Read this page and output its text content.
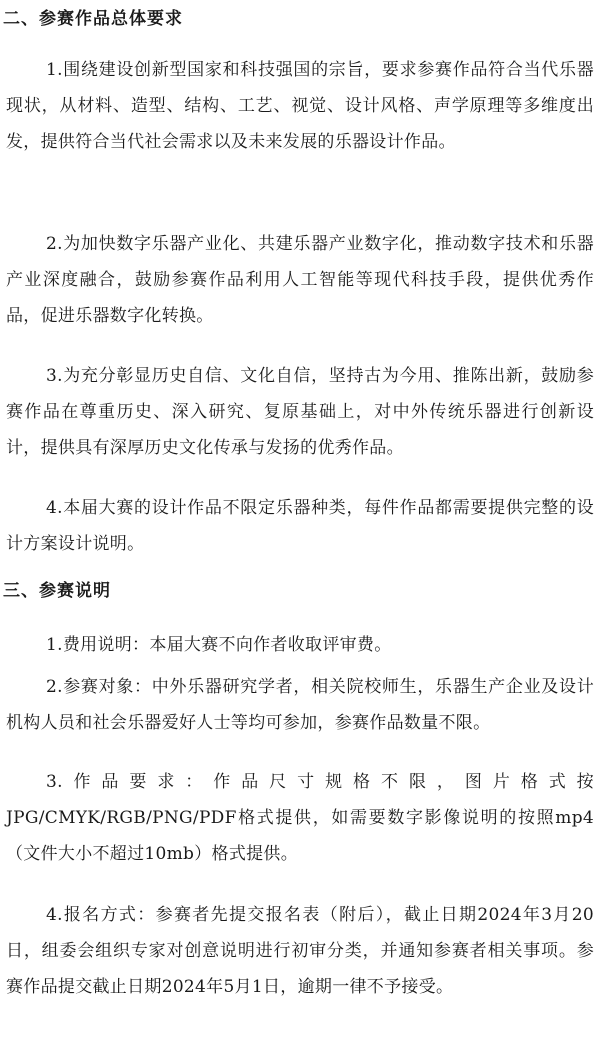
二、参赛作品总体要求

1.围绕建设创新型国家和科技强国的宗旨，要求参赛作品符合当代乐器现状，从材料、造型、结构、工艺、视觉、设计风格、声学原理等多维度出发，提供符合当代社会需求以及未来发展的乐器设计作品。

2.为加快数字乐器产业化、共建乐器产业数字化，推动数字技术和乐器产业深度融合，鼓励参赛作品利用人工智能等现代科技手段，提供优秀作品，促进乐器数字化转换。

3.为充分彰显历史自信、文化自信，坚持古为今用、推陈出新，鼓励参赛作品在尊重历史、深入研究、复原基础上，对中外传统乐器进行创新设计，提供具有深厚历史文化传承与发扬的优秀作品。

4.本届大赛的设计作品不限定乐器种类，每件作品都需要提供完整的设计方案设计说明。

三、参赛说明

1.费用说明：本届大赛不向作者收取评审费。

2.参赛对象：中外乐器研究学者，相关院校师生，乐器生产企业及设计机构人员和社会乐器爱好人士等均可参加，参赛作品数量不限。

3.作品要求：作品尺寸规格不限，图片格式按JPG/CMYK/RGB/PNG/PDF格式提供，如需要数字影像说明的按照mp4（文件大小不超过10mb）格式提供。

4.报名方式：参赛者先提交报名表（附后），截止日期2024年3月20日，组委会组织专家对创意说明进行初审分类，并通知参赛者相关事项。参赛作品提交截止日期2024年5月1日，逾期一律不予接受。
